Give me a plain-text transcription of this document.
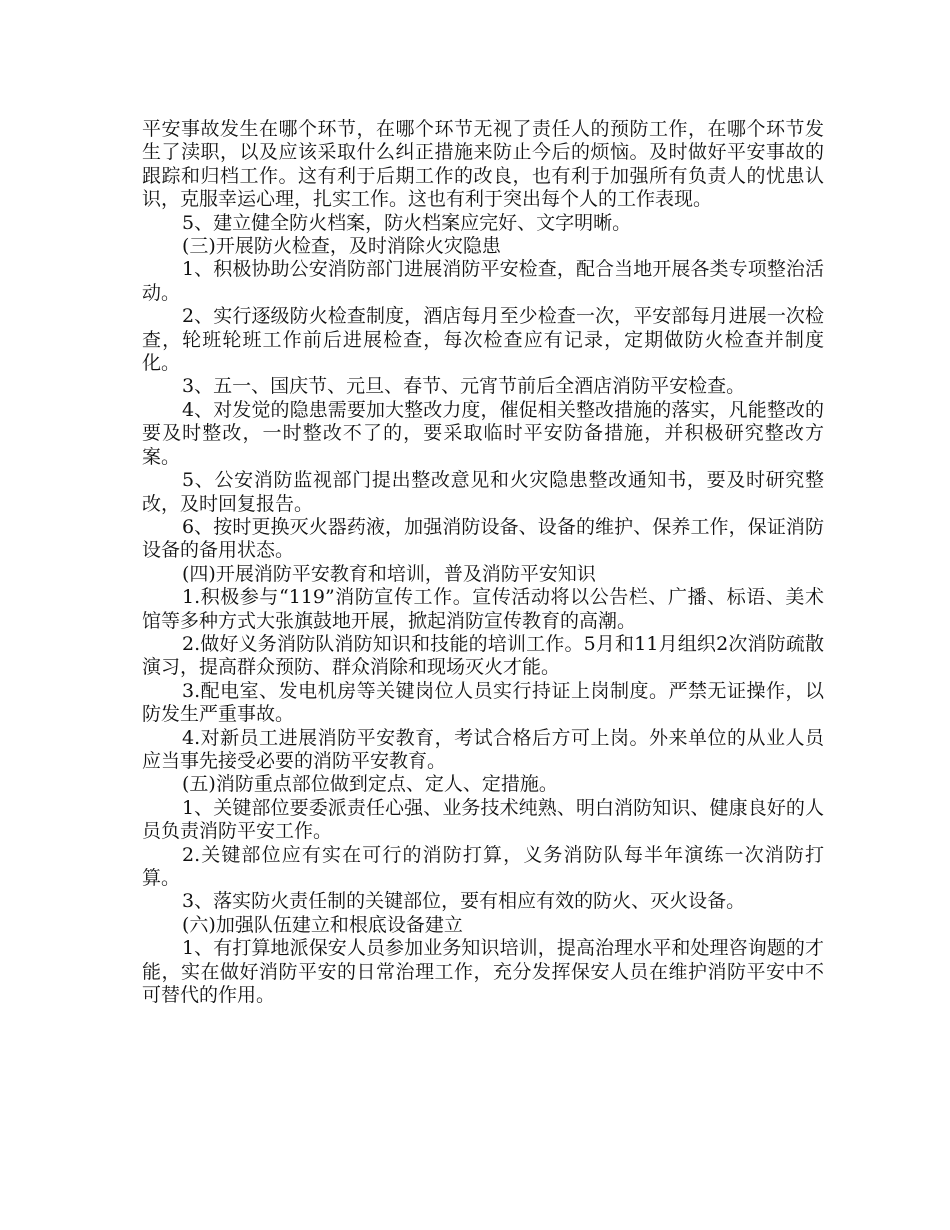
平安事故发生在哪个环节，在哪个环节无视了责任人的预防工作，在哪个环节发生了渎职，以及应该采取什么纠正措施来防止今后的烦恼。及时做好平安事故的跟踪和归档工作。这有利于后期工作的改良，也有利于加强所有负责人的忧患认识，克服幸运心理，扎实工作。这也有利于突出每个人的工作表现。

5、建立健全防火档案，防火档案应完好、文字明晰。

(三)开展防火检查，及时消除火灾隐患

1、积极协助公安消防部门进展消防平安检查，配合当地开展各类专项整治活动。

2、实行逐级防火检查制度，酒店每月至少检查一次，平安部每月进展一次检查，轮班轮班工作前后进展检查，每次检查应有记录，定期做防火检查并制度化。

3、五一、国庆节、元旦、春节、元宵节前后全酒店消防平安检查。

4、对发觉的隐患需要加大整改力度，催促相关整改措施的落实，凡能整改的要及时整改，一时整改不了的，要采取临时平安防备措施，并积极研究整改方案。

5、公安消防监视部门提出整改意见和火灾隐患整改通知书，要及时研究整改，及时回复报告。

6、按时更换灭火器药液，加强消防设备、设备的维护、保养工作，保证消防设备的备用状态。

(四)开展消防平安教育和培训，普及消防平安知识

1.积极参与“119”消防宣传工作。宣传活动将以公告栏、广播、标语、美术馆等多种方式大张旗鼓地开展，掀起消防宣传教育的高潮。

2.做好义务消防队消防知识和技能的培训工作。5月和11月组织2次消防疏散演习，提高群众预防、群众消除和现场灭火才能。

3.配电室、发电机房等关键岗位人员实行持证上岗制度。严禁无证操作，以防发生严重事故。

4.对新员工进展消防平安教育，考试合格后方可上岗。外来单位的从业人员应当事先接受必要的消防平安教育。

(五)消防重点部位做到定点、定人、定措施。

1、关键部位要委派责任心强、业务技术纯熟、明白消防知识、健康良好的人员负责消防平安工作。

2.关键部位应有实在可行的消防打算，义务消防队每半年演练一次消防打算。

3、落实防火责任制的关键部位，要有相应有效的防火、灭火设备。

(六)加强队伍建立和根底设备建立

1、有打算地派保安人员参加业务知识培训，提高治理水平和处理咨询题的才能，实在做好消防平安的日常治理工作，充分发挥保安人员在维护消防平安中不可替代的作用。
